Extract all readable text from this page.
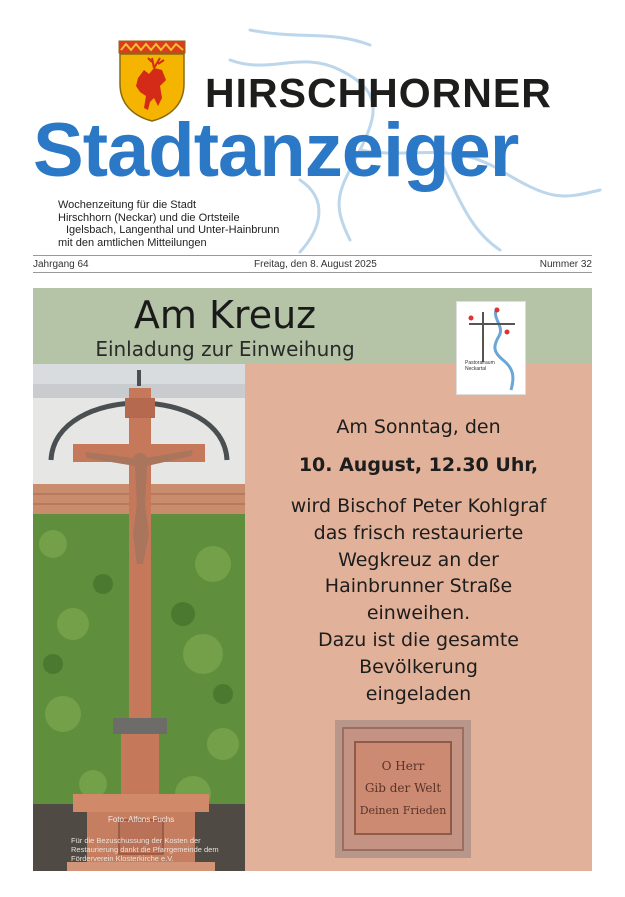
HIRSCHHORNER
Stadtanzeiger
Wochenzeitung für die Stadt
Hirschhorn (Neckar) und die Ortsteile
Igelsbach, Langenthal und Unter-Hainbrunn
mit den amtlichen Mitteilungen
Jahrgang 64	Freitag, den 8. August 2025	Nummer 32
Am Kreuz
Einladung zur Einweihung
Pastoralraum
Neckartal
Foto: Alfons Fuchs
Für die Bezuschussung der Kosten der Restaurierung dankt die Pfarrgemeinde dem Förderverein Klosterkirche e.V.
Am Sonntag, den
10. August, 12.30 Uhr,
wird Bischof Peter Kohlgraf
das frisch restaurierte
Wegkreuz an der
Hainbrunner Straße
einweihen.
Dazu ist die gesamte
Bevölkerung
eingeladen
O Herr
Gib der Welt
Deinen Frieden
